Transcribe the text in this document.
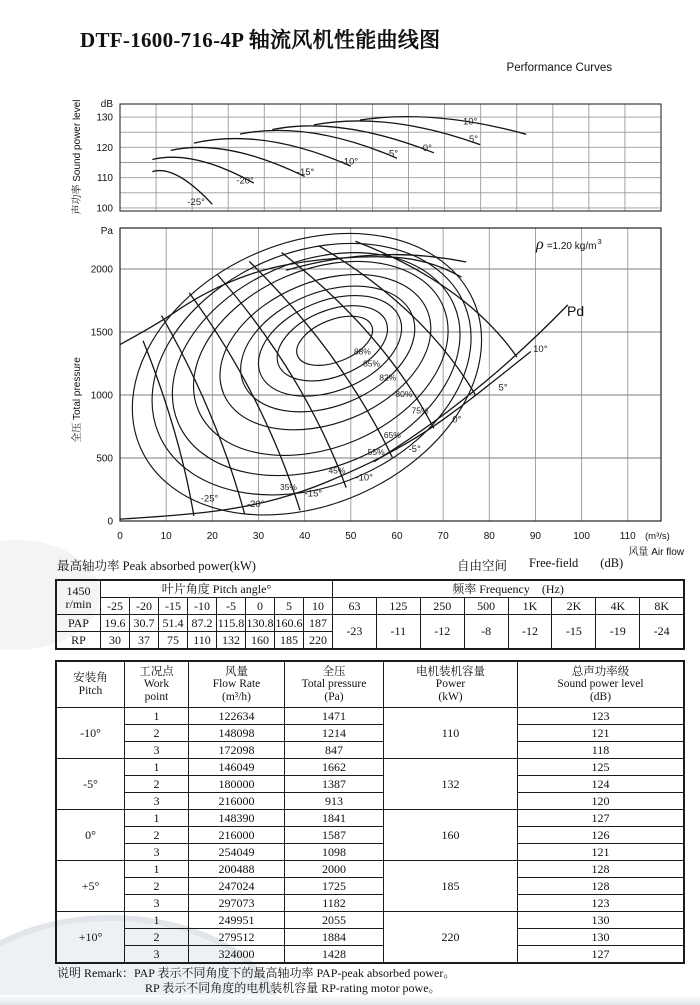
DTF-1600-716-4P 轴流风机性能曲线图
Performance Curves
100
110
120
130
dB
声功率 Sound power level	-25°
-20°
-15°
-10°
-5°	0°
5°
10°
0
500
1000
1500
2000
Pa
全压 Total pressure
0	10	20	30	40	50	60	70	80	90	100	110 (m³/s)
风量 Air flow
88%
85%
82%
80%
75%
65%
55%
45%
35%
Pd
-25°
-20°
-15°
-10°
-5°
0°
5°
10°
ρ =1.20 $kg/m^3$
最高轴功率 Peak absorbed power(kW)	自由空间 Free-field (dB)
1450
r/min	叶片角度 Pitch angle°								频率 Frequency　(Hz)							
	-25	-20	-15	-10	-5	0	5	10	63	125	250	500	1K	2K	4K	8K
PAP	19.6	30.7	51.4	87.2	115.8	130.8	160.6	187	-23	-11	-12	-8	-12	-15	-19	-24
RP	30	37	75	110	132	160	185	220								
安装角
Pitch

工况点
Work
point

风量
Flow Rate
(m³/h)

全压
Total pressure
(Pa)

电机装机容量
Power
(kW)

总声功率级
Sound power level
(dB)

-10°	1	122634	1471	110	123
	2	148098	1214		121
	3	172098	847		118
-5°	1	146049	1662	132	125
	2	180000	1387		124
	3	216000	913		120
0°	1	148390	1841	160	127
	2	216000	1587		126
	3	254049	1098		121
+5°	1	200488	2000	185	128
	2	247024	1725		128
	3	297073	1182		123
+10°	1	249951	2055	220	130
	2	279512	1884		130
	3	324000	1428		127
说明 Remark：PAP 表示不同角度下的最高轴功率 PAP-peak absorbed power。
RP 表示不同角度的电机装机容量 RP-rating motor powe。
